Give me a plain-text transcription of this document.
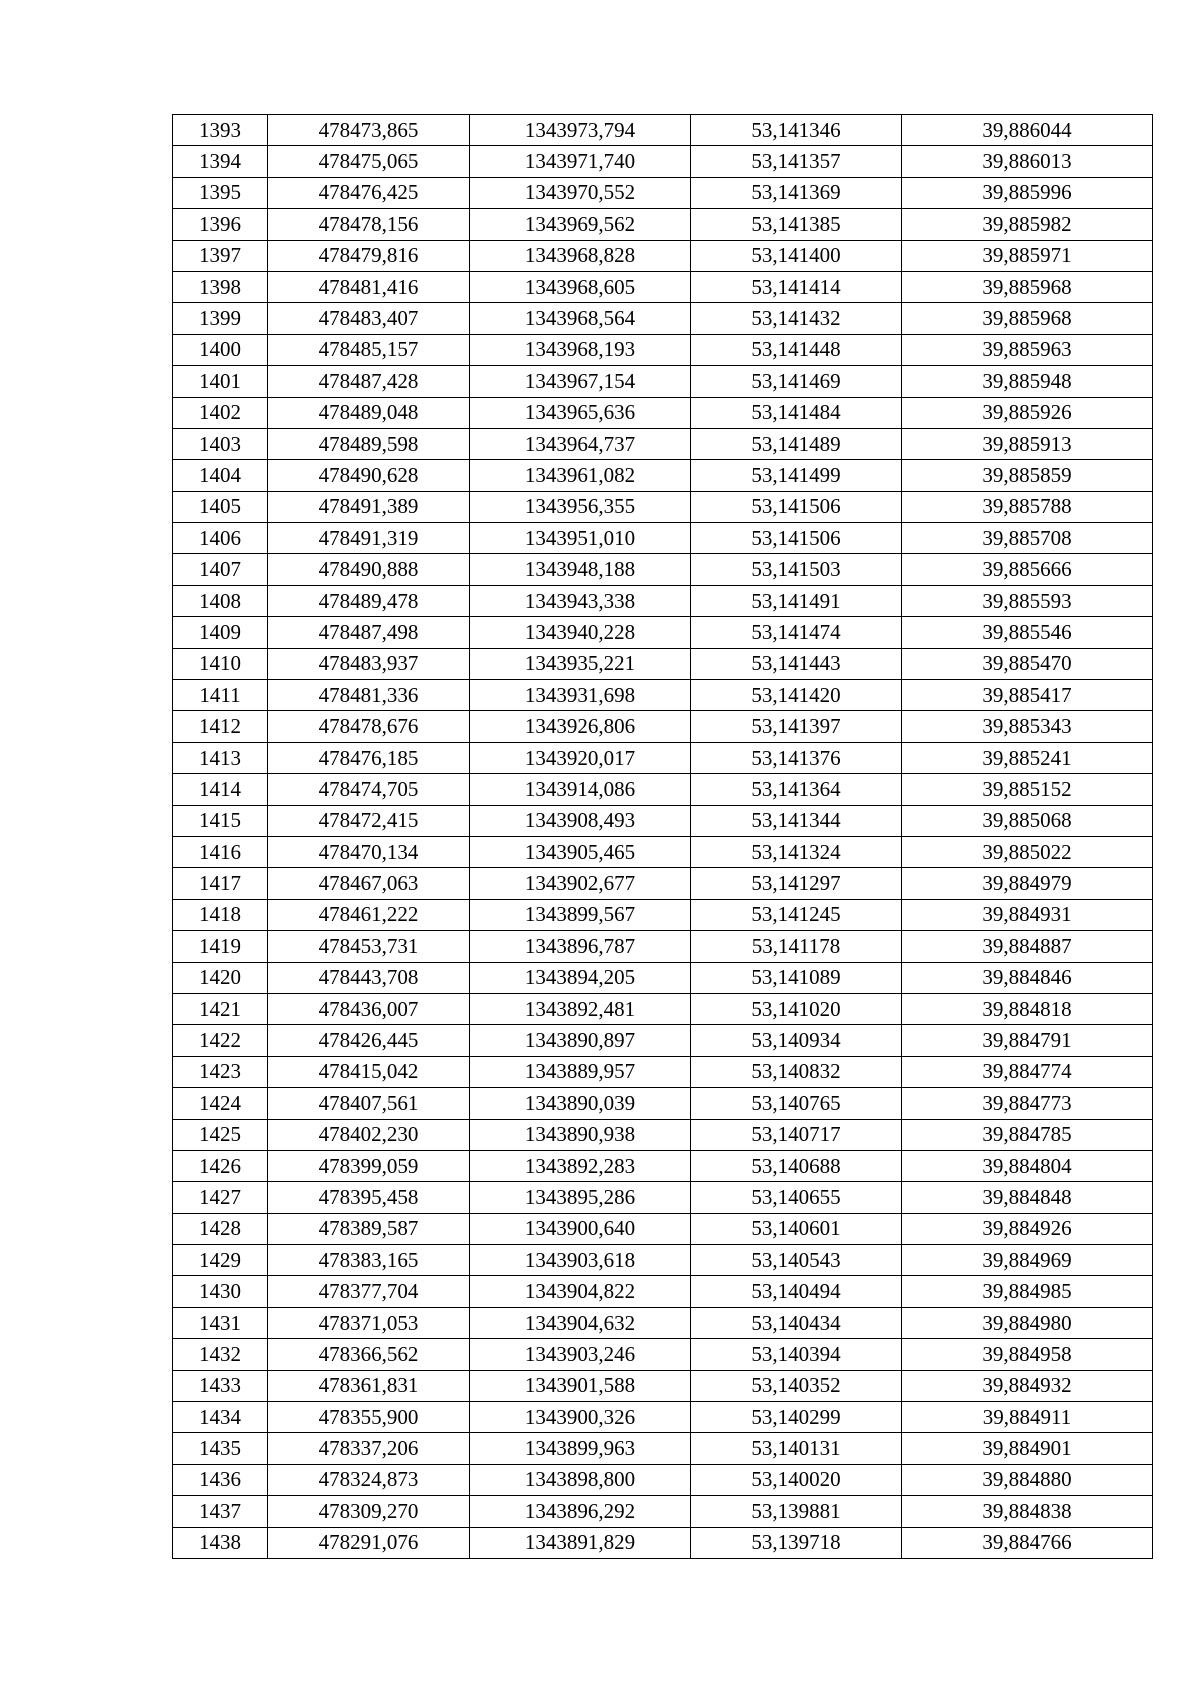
1393	478473,865	1343973,794	53,141346	39,886044
1394	478475,065	1343971,740	53,141357	39,886013
1395	478476,425	1343970,552	53,141369	39,885996
1396	478478,156	1343969,562	53,141385	39,885982
1397	478479,816	1343968,828	53,141400	39,885971
1398	478481,416	1343968,605	53,141414	39,885968
1399	478483,407	1343968,564	53,141432	39,885968
1400	478485,157	1343968,193	53,141448	39,885963
1401	478487,428	1343967,154	53,141469	39,885948
1402	478489,048	1343965,636	53,141484	39,885926
1403	478489,598	1343964,737	53,141489	39,885913
1404	478490,628	1343961,082	53,141499	39,885859
1405	478491,389	1343956,355	53,141506	39,885788
1406	478491,319	1343951,010	53,141506	39,885708
1407	478490,888	1343948,188	53,141503	39,885666
1408	478489,478	1343943,338	53,141491	39,885593
1409	478487,498	1343940,228	53,141474	39,885546
1410	478483,937	1343935,221	53,141443	39,885470
1411	478481,336	1343931,698	53,141420	39,885417
1412	478478,676	1343926,806	53,141397	39,885343
1413	478476,185	1343920,017	53,141376	39,885241
1414	478474,705	1343914,086	53,141364	39,885152
1415	478472,415	1343908,493	53,141344	39,885068
1416	478470,134	1343905,465	53,141324	39,885022
1417	478467,063	1343902,677	53,141297	39,884979
1418	478461,222	1343899,567	53,141245	39,884931
1419	478453,731	1343896,787	53,141178	39,884887
1420	478443,708	1343894,205	53,141089	39,884846
1421	478436,007	1343892,481	53,141020	39,884818
1422	478426,445	1343890,897	53,140934	39,884791
1423	478415,042	1343889,957	53,140832	39,884774
1424	478407,561	1343890,039	53,140765	39,884773
1425	478402,230	1343890,938	53,140717	39,884785
1426	478399,059	1343892,283	53,140688	39,884804
1427	478395,458	1343895,286	53,140655	39,884848
1428	478389,587	1343900,640	53,140601	39,884926
1429	478383,165	1343903,618	53,140543	39,884969
1430	478377,704	1343904,822	53,140494	39,884985
1431	478371,053	1343904,632	53,140434	39,884980
1432	478366,562	1343903,246	53,140394	39,884958
1433	478361,831	1343901,588	53,140352	39,884932
1434	478355,900	1343900,326	53,140299	39,884911
1435	478337,206	1343899,963	53,140131	39,884901
1436	478324,873	1343898,800	53,140020	39,884880
1437	478309,270	1343896,292	53,139881	39,884838
1438	478291,076	1343891,829	53,139718	39,884766
